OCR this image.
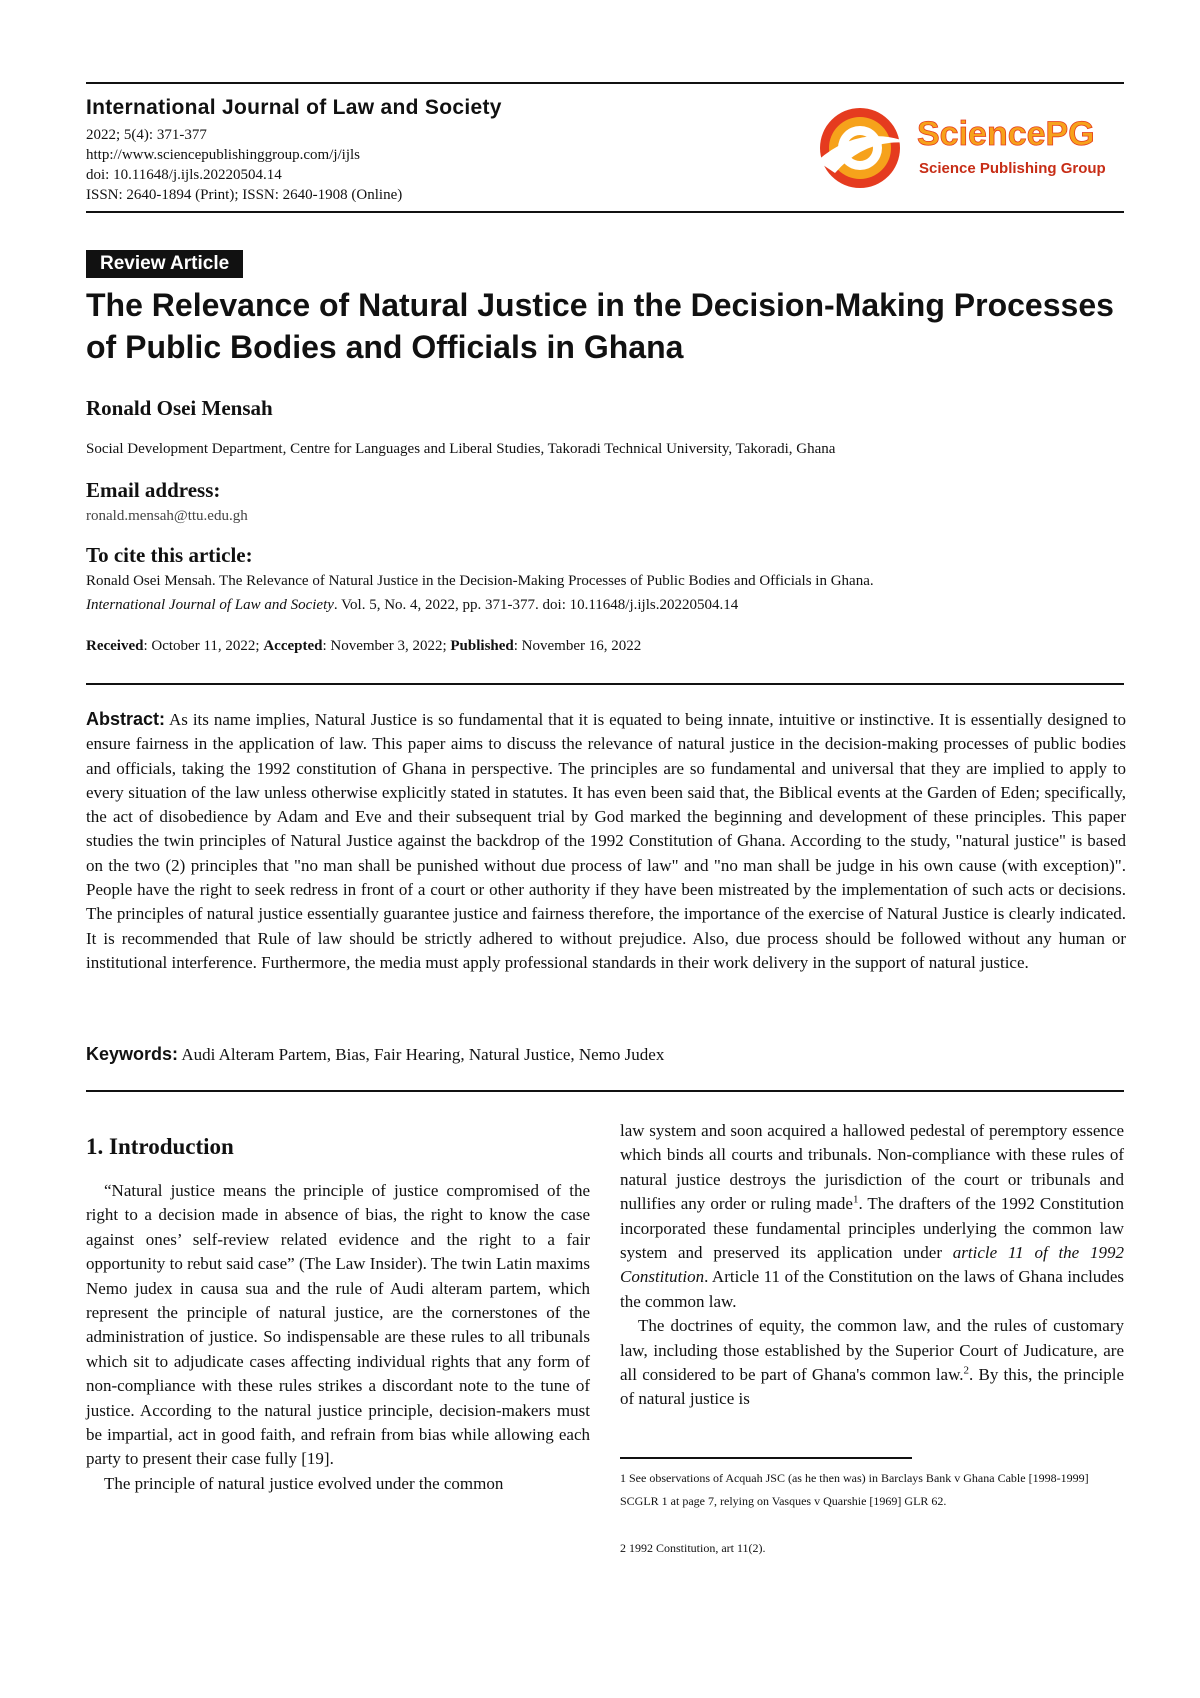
International Journal of Law and Society
2022; 5(4): 371-377
http://www.sciencepublishinggroup.com/j/ijls
doi: 10.11648/j.ijls.20220504.14
ISSN: 2640-1894 (Print); ISSN: 2640-1908 (Online)
SciencePG
Science Publishing Group
Review Article
The Relevance of Natural Justice in the Decision-Making Processes of Public Bodies and Officials in Ghana
Ronald Osei Mensah
Social Development Department, Centre for Languages and Liberal Studies, Takoradi Technical University, Takoradi, Ghana
Email address:
ronald.mensah@ttu.edu.gh
To cite this article:
Ronald Osei Mensah. The Relevance of Natural Justice in the Decision-Making Processes of Public Bodies and Officials in Ghana.
International Journal of Law and Society. Vol. 5, No. 4, 2022, pp. 371-377. doi: 10.11648/j.ijls.20220504.14
Received: October 11, 2022; Accepted: November 3, 2022; Published: November 16, 2022
Abstract: As its name implies, Natural Justice is so fundamental that it is equated to being innate, intuitive or instinctive. It is essentially designed to ensure fairness in the application of law. This paper aims to discuss the relevance of natural justice in the decision-making processes of public bodies and officials, taking the 1992 constitution of Ghana in perspective. The principles are so fundamental and universal that they are implied to apply to every situation of the law unless otherwise explicitly stated in statutes. It has even been said that, the Biblical events at the Garden of Eden; specifically, the act of disobedience by Adam and Eve and their subsequent trial by God marked the beginning and development of these principles. This paper studies the twin principles of Natural Justice against the backdrop of the 1992 Constitution of Ghana. According to the study, "natural justice" is based on the two (2) principles that "no man shall be punished without due process of law" and "no man shall be judge in his own cause (with exception)". People have the right to seek redress in front of a court or other authority if they have been mistreated by the implementation of such acts or decisions. The principles of natural justice essentially guarantee justice and fairness therefore, the importance of the exercise of Natural Justice is clearly indicated. It is recommended that Rule of law should be strictly adhered to without prejudice. Also, due process should be followed without any human or institutional interference. Furthermore, the media must apply professional standards in their work delivery in the support of natural justice.
Keywords: Audi Alteram Partem, Bias, Fair Hearing, Natural Justice, Nemo Judex
1. Introduction

“Natural justice means the principle of justice compromised of the right to a decision made in absence of bias, the right to know the case against ones’ self-review related evidence and the right to a fair opportunity to rebut said case” (The Law Insider). The twin Latin maxims Nemo judex in causa sua and the rule of Audi alteram partem, which represent the principle of natural justice, are the cornerstones of the administration of justice. So indispensable are these rules to all tribunals which sit to adjudicate cases affecting individual rights that any form of non-compliance with these rules strikes a discordant note to the tune of justice. According to the natural justice principle, decision-makers must be impartial, act in good faith, and refrain from bias while allowing each party to present their case fully [19].

The principle of natural justice evolved under the common

law system and soon acquired a hallowed pedestal of peremptory essence which binds all courts and tribunals. Non-compliance with these rules of natural justice destroys the jurisdiction of the court or tribunals and nullifies any order or ruling made$^1$. The drafters of the 1992 Constitution incorporated these fundamental principles underlying the common law system and preserved its application under article 11 of the 1992 Constitution. Article 11 of the Constitution on the laws of Ghana includes the common law.

The doctrines of equity, the common law, and the rules of customary law, including those established by the Superior Court of Judicature, are all considered to be part of Ghana's common law.$^2$. By this, the principle of natural justice is

1 See observations of Acquah JSC (as he then was) in Barclays Bank v Ghana Cable [1998-1999] SCGLR 1 at page 7, relying on Vasques v Quarshie [1969] GLR 62.
2 1992 Constitution, art 11(2).
